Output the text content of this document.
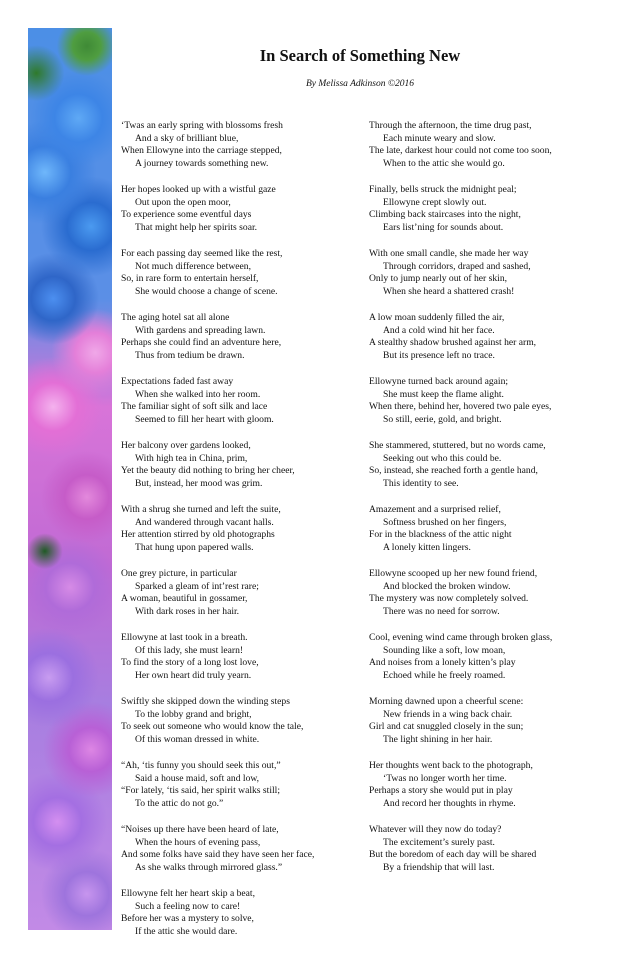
In Search of Something New

By Melissa Adkinson ©2016

‘Twas an early spring with blossoms fresh
And a sky of brilliant blue,
When Ellowyne into the carriage stepped,
A journey towards something new.
Her hopes looked up with a wistful gaze
Out upon the open moor,
To experience some eventful days
That might help her spirits soar.
For each passing day seemed like the rest,
Not much difference between,
So, in rare form to entertain herself,
She would choose a change of scene.
The aging hotel sat all alone
With gardens and spreading lawn.
Perhaps she could find an adventure here,
Thus from tedium be drawn.
Expectations faded fast away
When she walked into her room.
The familiar sight of soft silk and lace
Seemed to fill her heart with gloom.
Her balcony over gardens looked,
With high tea in China, prim,
Yet the beauty did nothing to bring her cheer,
But, instead, her mood was grim.
With a shrug she turned and left the suite,
And wandered through vacant halls.
Her attention stirred by old photographs
That hung upon papered walls.
One grey picture, in particular
Sparked a gleam of int’rest rare;
A woman, beautiful in gossamer,
With dark roses in her hair.
Ellowyne at last took in a breath.
Of this lady, she must learn!
To find the story of a long lost love,
Her own heart did truly yearn.
Swiftly she skipped down the winding steps
To the lobby grand and bright,
To seek out someone who would know the tale,
Of this woman dressed in white.
“Ah, ‘tis funny you should seek this out,”
Said a house maid, soft and low,
“For lately, ‘tis said, her spirit walks still;
To the attic do not go.”
“Noises up there have been heard of late,
When the hours of evening pass,
And some folks have said they have seen her face,
As she walks through mirrored glass.”
Ellowyne felt her heart skip a beat,
Such a feeling now to care!
Before her was a mystery to solve,
If the attic she would dare.
Through the afternoon, the time drug past,
Each minute weary and slow.
The late, darkest hour could not come too soon,
When to the attic she would go.
Finally, bells struck the midnight peal;
Ellowyne crept slowly out.
Climbing back staircases into the night,
Ears list’ning for sounds about.
With one small candle, she made her way
Through corridors, draped and sashed,
Only to jump nearly out of her skin,
When she heard a shattered crash!
A low moan suddenly filled the air,
And a cold wind hit her face.
A stealthy shadow brushed against her arm,
But its presence left no trace.
Ellowyne turned back around again;
She must keep the flame alight.
When there, behind her, hovered two pale eyes,
So still, eerie, gold, and bright.
She stammered, stuttered, but no words came,
Seeking out who this could be.
So, instead, she reached forth a gentle hand,
This identity to see.
Amazement and a surprised relief,
Softness brushed on her fingers,
For in the blackness of the attic night
A lonely kitten lingers.
Ellowyne scooped up her new found friend,
And blocked the broken window.
The mystery was now completely solved.
There was no need for sorrow.
Cool, evening wind came through broken glass,
Sounding like a soft, low moan,
And noises from a lonely kitten’s play
Echoed while he freely roamed.
Morning dawned upon a cheerful scene:
New friends in a wing back chair.
Girl and cat snuggled closely in the sun;
The light shining in her hair.
Her thoughts went back to the photograph,
‘Twas no longer worth her time.
Perhaps a story she would put in play
And record her thoughts in rhyme.
Whatever will they now do today?
The excitement’s surely past.
But the boredom of each day will be shared
By a friendship that will last.
